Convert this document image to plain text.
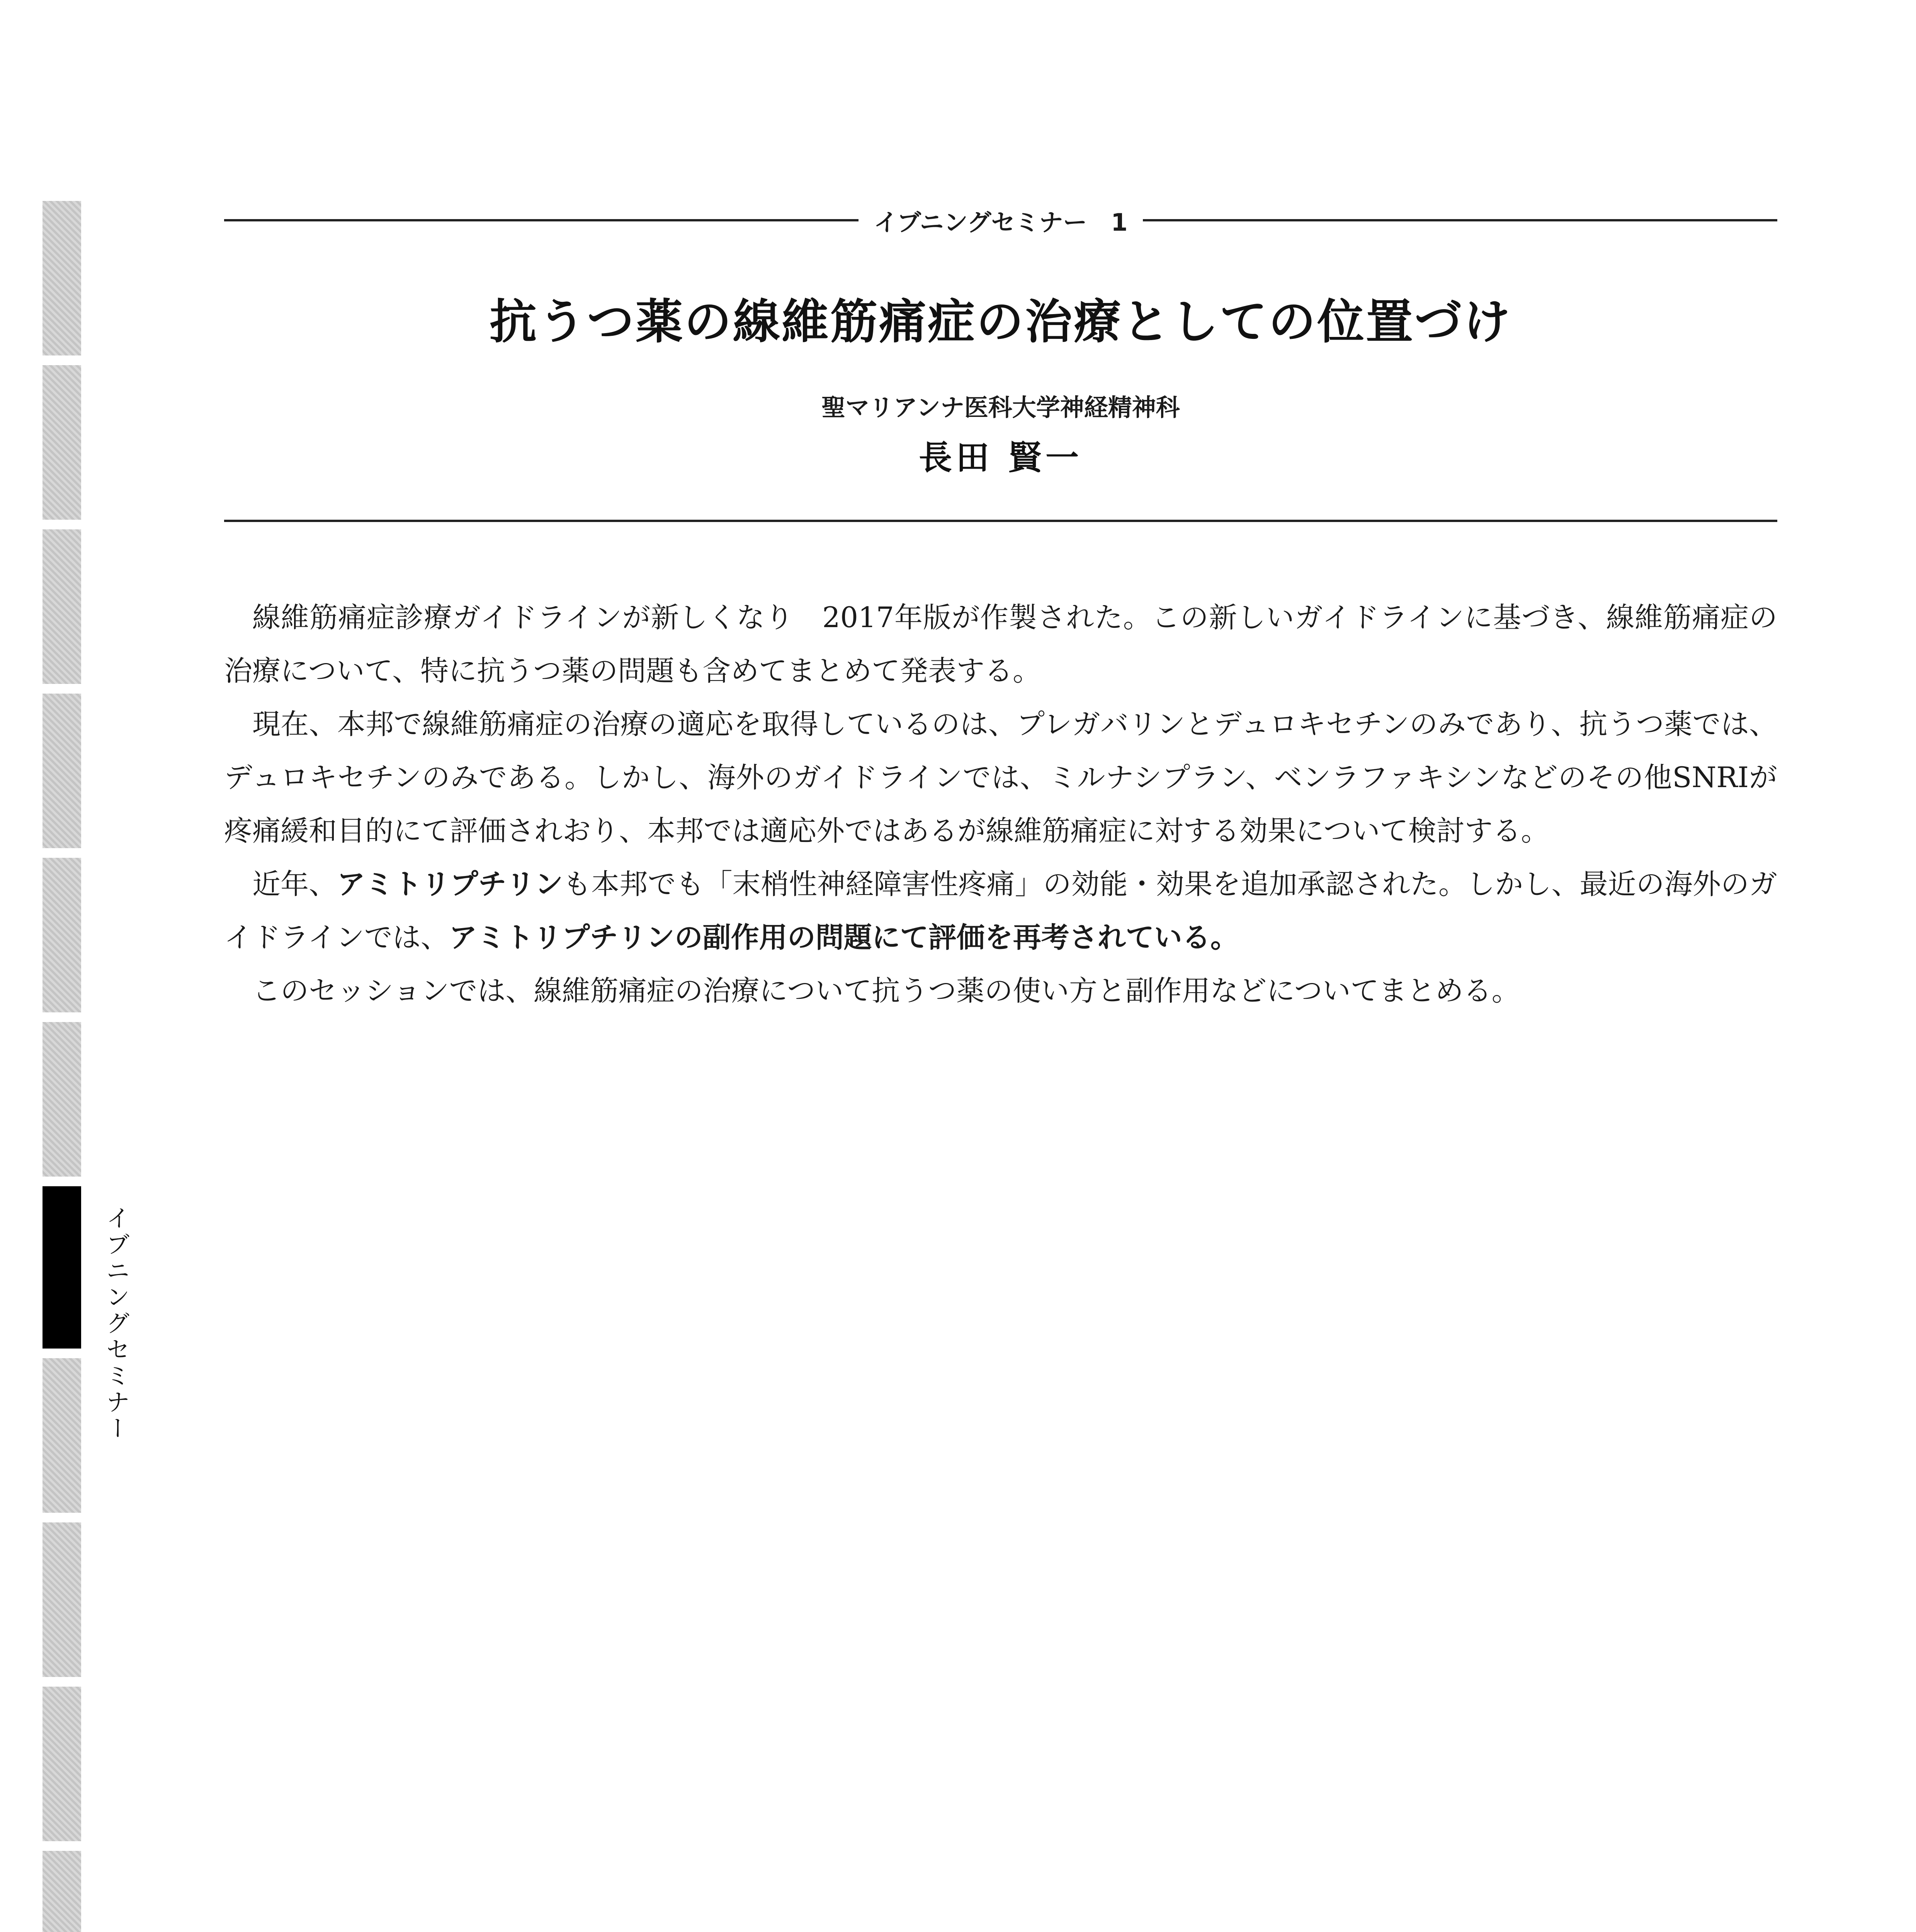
イブニングセミナー
イブニングセミナー　1
抗うつ薬の線維筋痛症の治療としての位置づけ
聖マリアンナ医科大学神経精神科
長田 賢一

線維筋痛症診療ガイドラインが新しくなり　2017年版が作製された。この新しいガイドラインに基づき、線維筋痛症の治療について、特に抗うつ薬の問題も含めてまとめて発表する。

現在、本邦で線維筋痛症の治療の適応を取得しているのは、プレガバリンとデュロキセチンのみであり、抗うつ薬では、デュロキセチンのみである。しかし、海外のガイドラインでは、ミルナシプラン、ベンラファキシンなどのその他SNRIが疼痛緩和目的にて評価されおり、本邦では適応外ではあるが線維筋痛症に対する効果について検討する。

近年、アミトリプチリンも本邦でも「末梢性神経障害性疼痛」の効能・効果を追加承認された。しかし、最近の海外のガイドラインでは、アミトリプチリンの副作用の問題にて評価を再考されている。

このセッションでは、線維筋痛症の治療について抗うつ薬の使い方と副作用などについてまとめる。
